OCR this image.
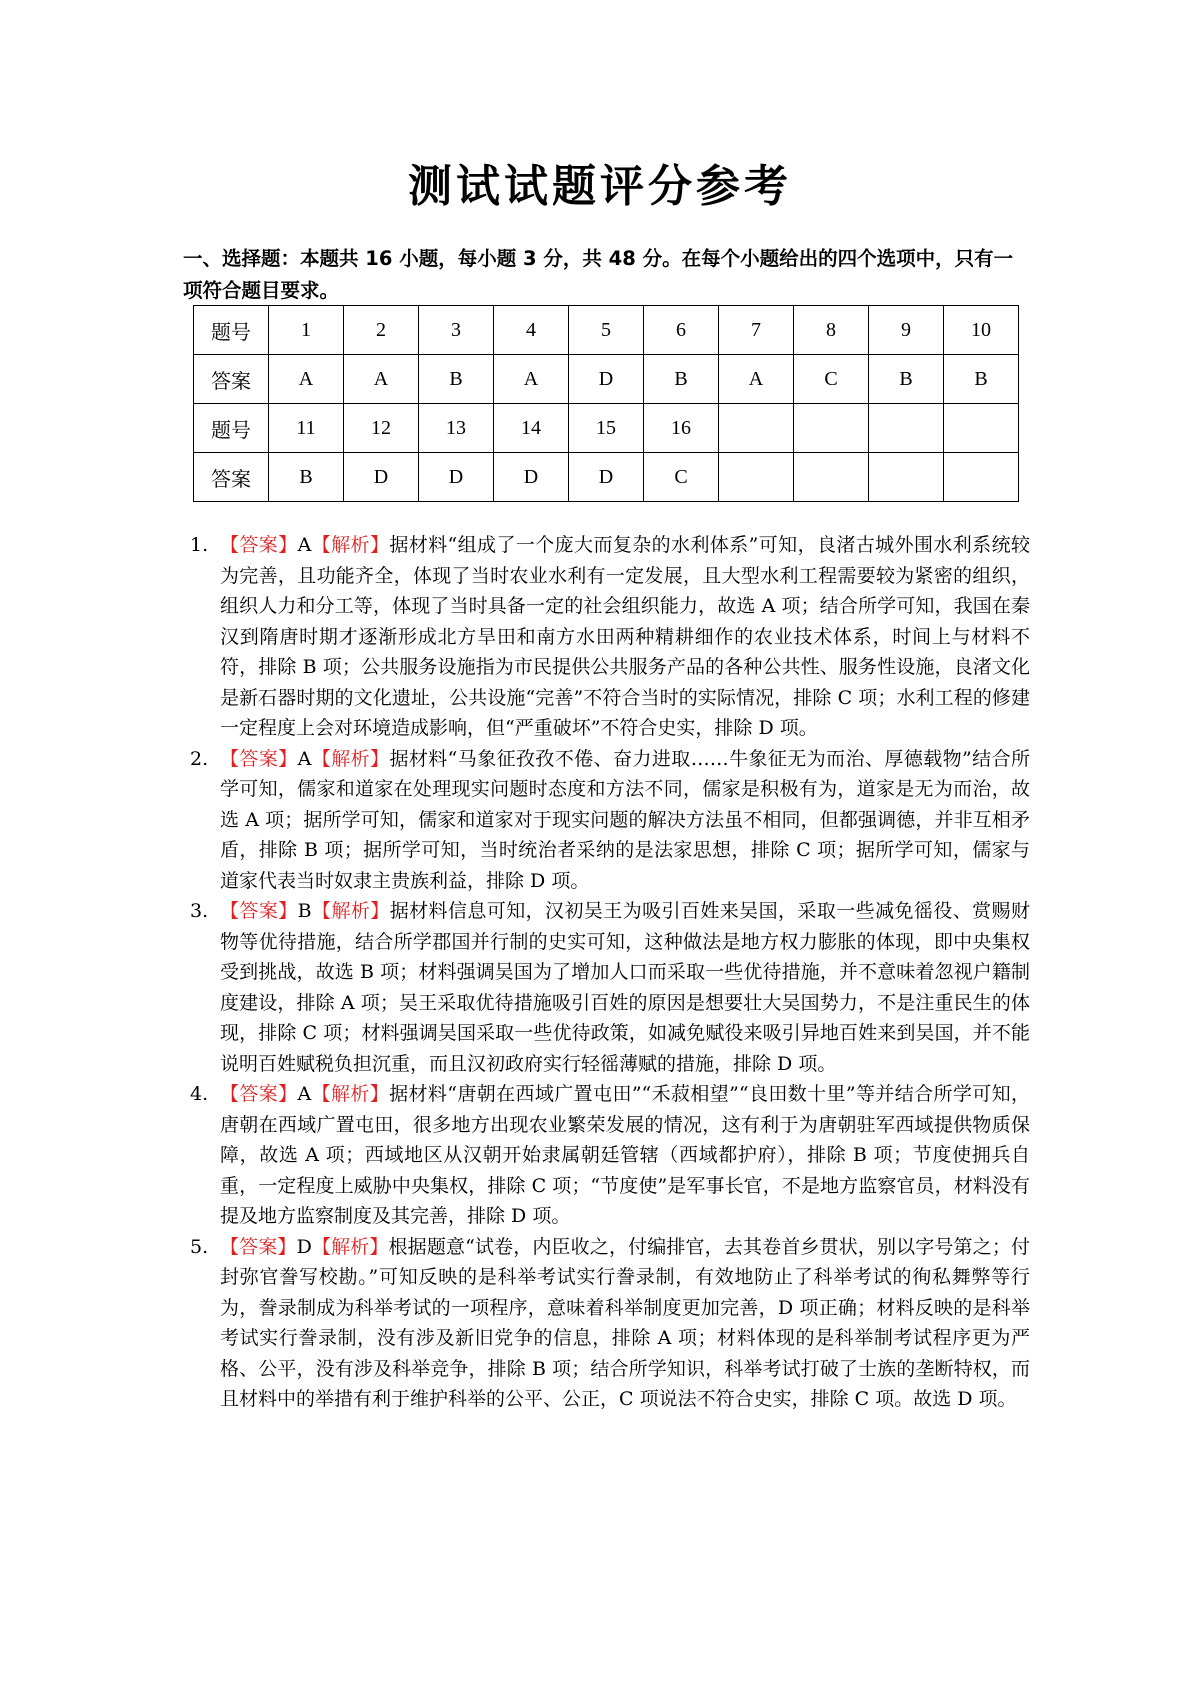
测试试题评分参考
一、选择题：本题共 16 小题，每小题 3 分，共 48 分。在每个小题给出的四个选项中，只有一项符合题目要求。
题号	1	2	3	4	5	6	7	8	9	10
答案	A	A	B	A	D	B	A	C	B	B
题号	11	12	13	14	15	16				
答案	B	D	D	D	D	C				
1. 【答案】A【解析】据材料“组成了一个庞大而复杂的水利体系”可知，良渚古城外围水利系统较为完善，且功能齐全，体现了当时农业水利有一定发展，且大型水利工程需要较为紧密的组织，组织人力和分工等，体现了当时具备一定的社会组织能力，故选 A 项；结合所学可知，我国在秦汉到隋唐时期才逐渐形成北方旱田和南方水田两种精耕细作的农业技术体系，时间上与材料不符，排除 B 项；公共服务设施指为市民提供公共服务产品的各种公共性、服务性设施，良渚文化是新石器时期的文化遗址，公共设施“完善”不符合当时的实际情况，排除 C 项；水利工程的修建一定程度上会对环境造成影响，但“严重破坏”不符合史实，排除 D 项。
2. 【答案】A【解析】据材料“马象征孜孜不倦、奋力进取……牛象征无为而治、厚德载物”结合所学可知，儒家和道家在处理现实问题时态度和方法不同，儒家是积极有为，道家是无为而治，故选 A 项；据所学可知，儒家和道家对于现实问题的解决方法虽不相同，但都强调德，并非互相矛盾，排除 B 项；据所学可知，当时统治者采纳的是法家思想，排除 C 项；据所学可知，儒家与道家代表当时奴隶主贵族利益，排除 D 项。
3. 【答案】B【解析】据材料信息可知，汉初吴王为吸引百姓来吴国，采取一些减免徭役、赏赐财物等优待措施，结合所学郡国并行制的史实可知，这种做法是地方权力膨胀的体现，即中央集权受到挑战，故选 B 项；材料强调吴国为了增加人口而采取一些优待措施，并不意味着忽视户籍制度建设，排除 A 项；吴王采取优待措施吸引百姓的原因是想要壮大吴国势力，不是注重民生的体现，排除 C 项；材料强调吴国采取一些优待政策，如减免赋役来吸引异地百姓来到吴国，并不能说明百姓赋税负担沉重，而且汉初政府实行轻徭薄赋的措施，排除 D 项。
4. 【答案】A【解析】据材料“唐朝在西域广置屯田”“禾菽相望”“良田数十里”等并结合所学可知，唐朝在西域广置屯田，很多地方出现农业繁荣发展的情况，这有利于为唐朝驻军西域提供物质保障，故选 A 项；西域地区从汉朝开始隶属朝廷管辖（西域都护府），排除 B 项；节度使拥兵自重，一定程度上威胁中央集权，排除 C 项；“节度使”是军事长官，不是地方监察官员，材料没有提及地方监察制度及其完善，排除 D 项。
5. 【答案】D【解析】根据题意“试卷，内臣收之，付编排官，去其卷首乡贯状，别以字号第之；付封弥官誊写校勘。”可知反映的是科举考试实行誊录制，有效地防止了科举考试的徇私舞弊等行为，誊录制成为科举考试的一项程序，意味着科举制度更加完善，D 项正确；材料反映的是科举考试实行誊录制，没有涉及新旧党争的信息，排除 A 项；材料体现的是科举制考试程序更为严格、公平，没有涉及科举竞争，排除 B 项；结合所学知识，科举考试打破了士族的垄断特权，而且材料中的举措有利于维护科举的公平、公正，C 项说法不符合史实，排除 C 项。故选 D 项。
